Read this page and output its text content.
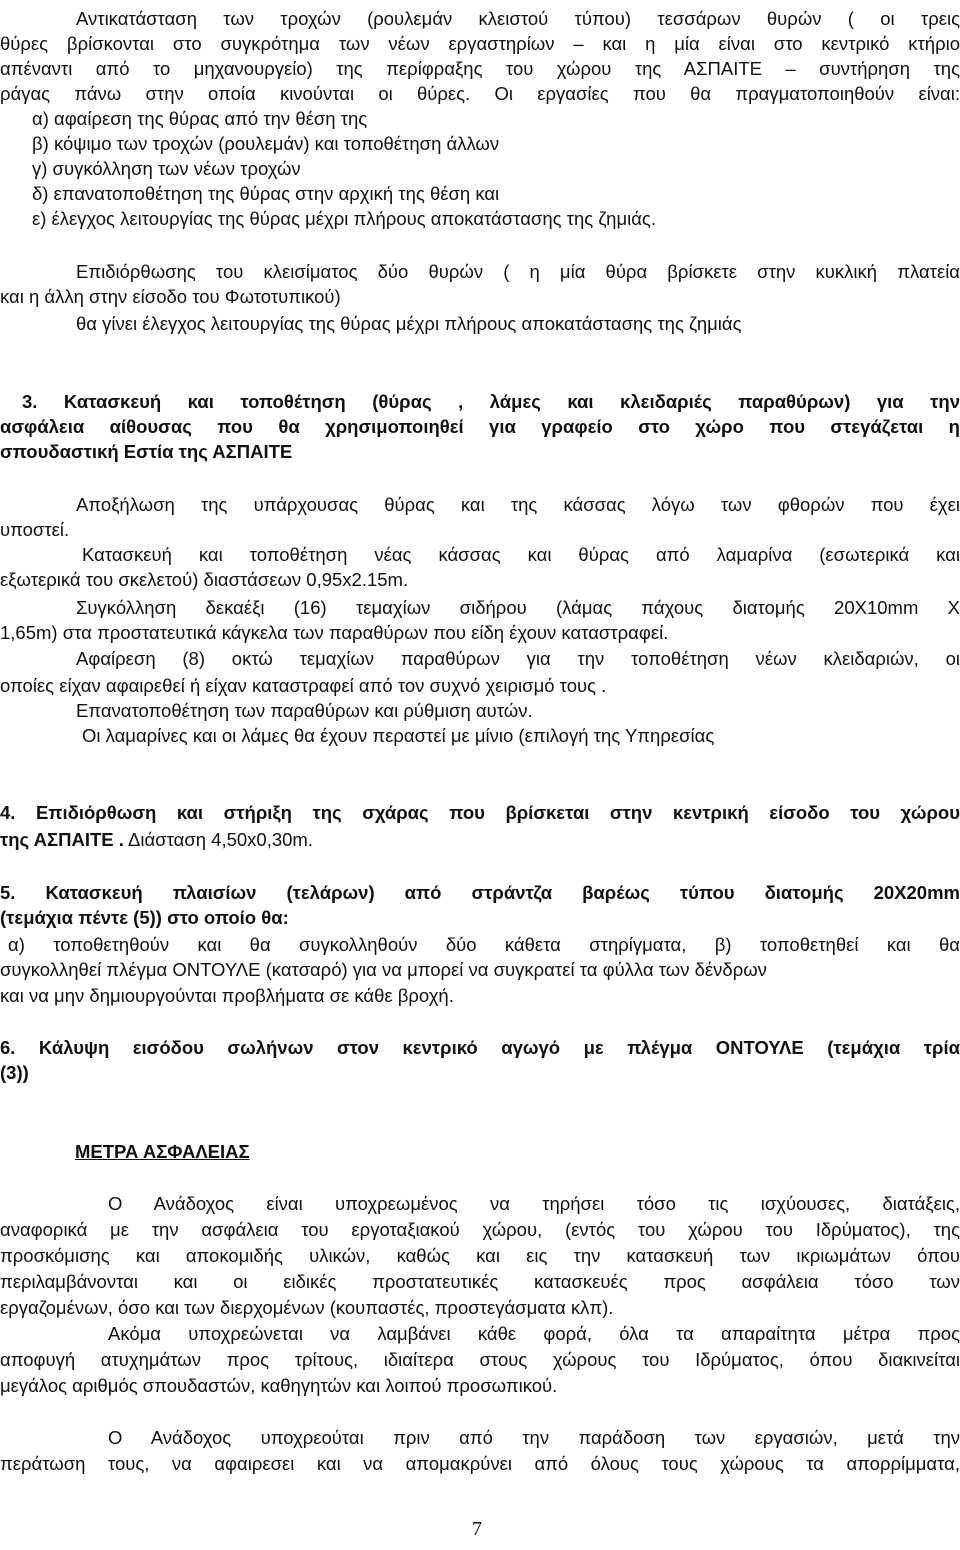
Αντικατάσταση των τροχών (ρουλεμάν κλειστού τύπου) τεσσάρων θυρών ( οι τρεις
θύρες βρίσκονται στο συγκρότημα των νέων εργαστηρίων – και η μία είναι στο κεντρικό κτήριο
απέναντι από το μηχανουργείο) της περίφραξης του χώρου της ΑΣΠΑΙΤΕ – συντήρηση της
ράγας πάνω στην οποία κινούνται οι θύρες. Οι εργασίες που θα πραγματοποιηθούν είναι:
α) αφαίρεση της θύρας από την θέση της
β) κόψιμο των τροχών (ρουλεμάν) και τοποθέτηση άλλων
γ) συγκόλληση των νέων τροχών
δ) επανατοποθέτηση της θύρας στην αρχική της θέση και
ε) έλεγχος λειτουργίας της θύρας μέχρι πλήρους αποκατάστασης της ζημιάς.
Επιδιόρθωσης του κλεισίματος δύο θυρών ( η μία θύρα βρίσκετε στην κυκλική πλατεία
και η άλλη στην είσοδο του Φωτοτυπικού)
θα γίνει έλεγχος λειτουργίας της θύρας μέχρι πλήρους αποκατάστασης της ζημιάς
3. Κατασκευή και τοποθέτηση (θύρας , λάμες και κλειδαριές παραθύρων) για την
ασφάλεια αίθουσας που θα χρησιμοποιηθεί για γραφείο στο χώρο που στεγάζεται η
σπουδαστική Εστία της ΑΣΠΑΙΤΕ
Αποξήλωση της υπάρχουσας θύρας και της κάσσας λόγω των φθορών που έχει
υποστεί.
Κατασκευή και τοποθέτηση νέας κάσσας και θύρας από λαμαρίνα (εσωτερικά και
εξωτερικά του σκελετού) διαστάσεων 0,95x2.15m.
Συγκόλληση δεκαέξι (16) τεμαχίων σιδήρου (λάμας πάχους διατομής 20Χ10mm Χ
1,65m) στα προστατευτικά κάγκελα των παραθύρων που είδη έχουν καταστραφεί.
Αφαίρεση (8) οκτώ τεμαχίων παραθύρων για την τοποθέτηση νέων κλειδαριών, οι
οποίες είχαν αφαιρεθεί ή είχαν καταστραφεί από τον συχνό χειρισμό τους .
Επανατοποθέτηση των παραθύρων και ρύθμιση αυτών.
Οι λαμαρίνες και οι λάμες θα έχουν περαστεί με μίνιο (επιλογή της Υπηρεσίας
4. Επιδιόρθωση και στήριξη της σχάρας που βρίσκεται στην κεντρική είσοδο του χώρου
της ΑΣΠΑΙΤΕ . Διάσταση 4,50x0,30m.
5. Κατασκευή πλαισίων (τελάρων) από στράντζα βαρέως τύπου διατομής 20Χ20mm
(τεμάχια πέντε (5)) στο οποίο θα:
α) τοποθετηθούν και θα συγκολληθούν δύο κάθετα στηρίγματα, β) τοποθετηθεί και θα
συγκολληθεί πλέγμα ΟΝΤΟΥΛΕ (κατσαρό) για να μπορεί να συγκρατεί τα φύλλα των δένδρων
και να μην δημιουργούνται προβλήματα σε κάθε βροχή.
6. Κάλυψη εισόδου σωλήνων στον κεντρικό αγωγό με πλέγμα ΟΝΤΟΥΛΕ (τεμάχια τρία
(3))
ΜΕΤΡΑ ΑΣΦΑΛΕΙΑΣ
Ο Ανάδοχος είναι υποχρεωμένος να τηρήσει τόσο τις ισχύουσες, διατάξεις,
αναφορικά με την ασφάλεια του εργοταξιακού χώρου, (εντός του χώρου του Ιδρύματος), της
προσκόμισης και αποκομιδής υλικών, καθώς και εις την κατασκευή των ικριωμάτων όπου
περιλαμβάνονται και οι ειδικές προστατευτικές κατασκευές προς ασφάλεια τόσο των
εργαζομένων, όσο και των διερχομένων (κουπαστές, προστεγάσματα κλπ).
Ακόμα υποχρεώνεται να λαμβάνει κάθε φορά, όλα τα απαραίτητα μέτρα προς
αποφυγή ατυχημάτων προς τρίτους, ιδιαίτερα στους χώρους του Ιδρύματος, όπου διακινείται
μεγάλος αριθμός σπουδαστών, καθηγητών και λοιπού προσωπικού.
Ο Ανάδοχος υποχρεούται πριν από την παράδοση των εργασιών, μετά την
περάτωση τους, να αφαιρεσει και να απομακρύνει από όλους τους χώρους τα απορρίμματα,
7
